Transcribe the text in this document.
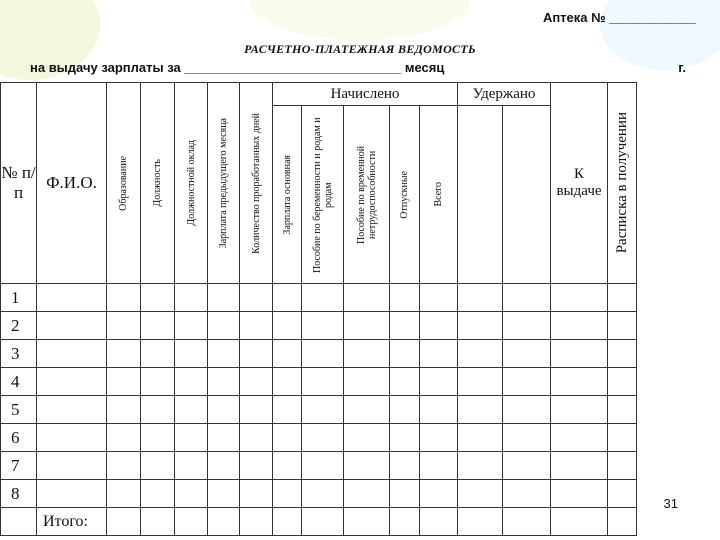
Аптека № ____________
РАСЧЕТНО-ПЛАТЕЖНАЯ ВЕДОМОСТЬ
на выдачу зарплаты за ______________________________ месяц	г.
№ п/п	Ф.И.О.	Образование	Должность	Должностной оклад	Зарплата предыдущего месяца	Количество проработанных дней	Начислено					Удержано		К выдаче	Расписка в получении

							Зарплата основная	Пособие по беременности и родам и родам	Пособие по временной нетрудоспособности	Отпускные	Всего				

1															
2															
3															
4															
5															
6															
7															
8															
	Итого:														
31
